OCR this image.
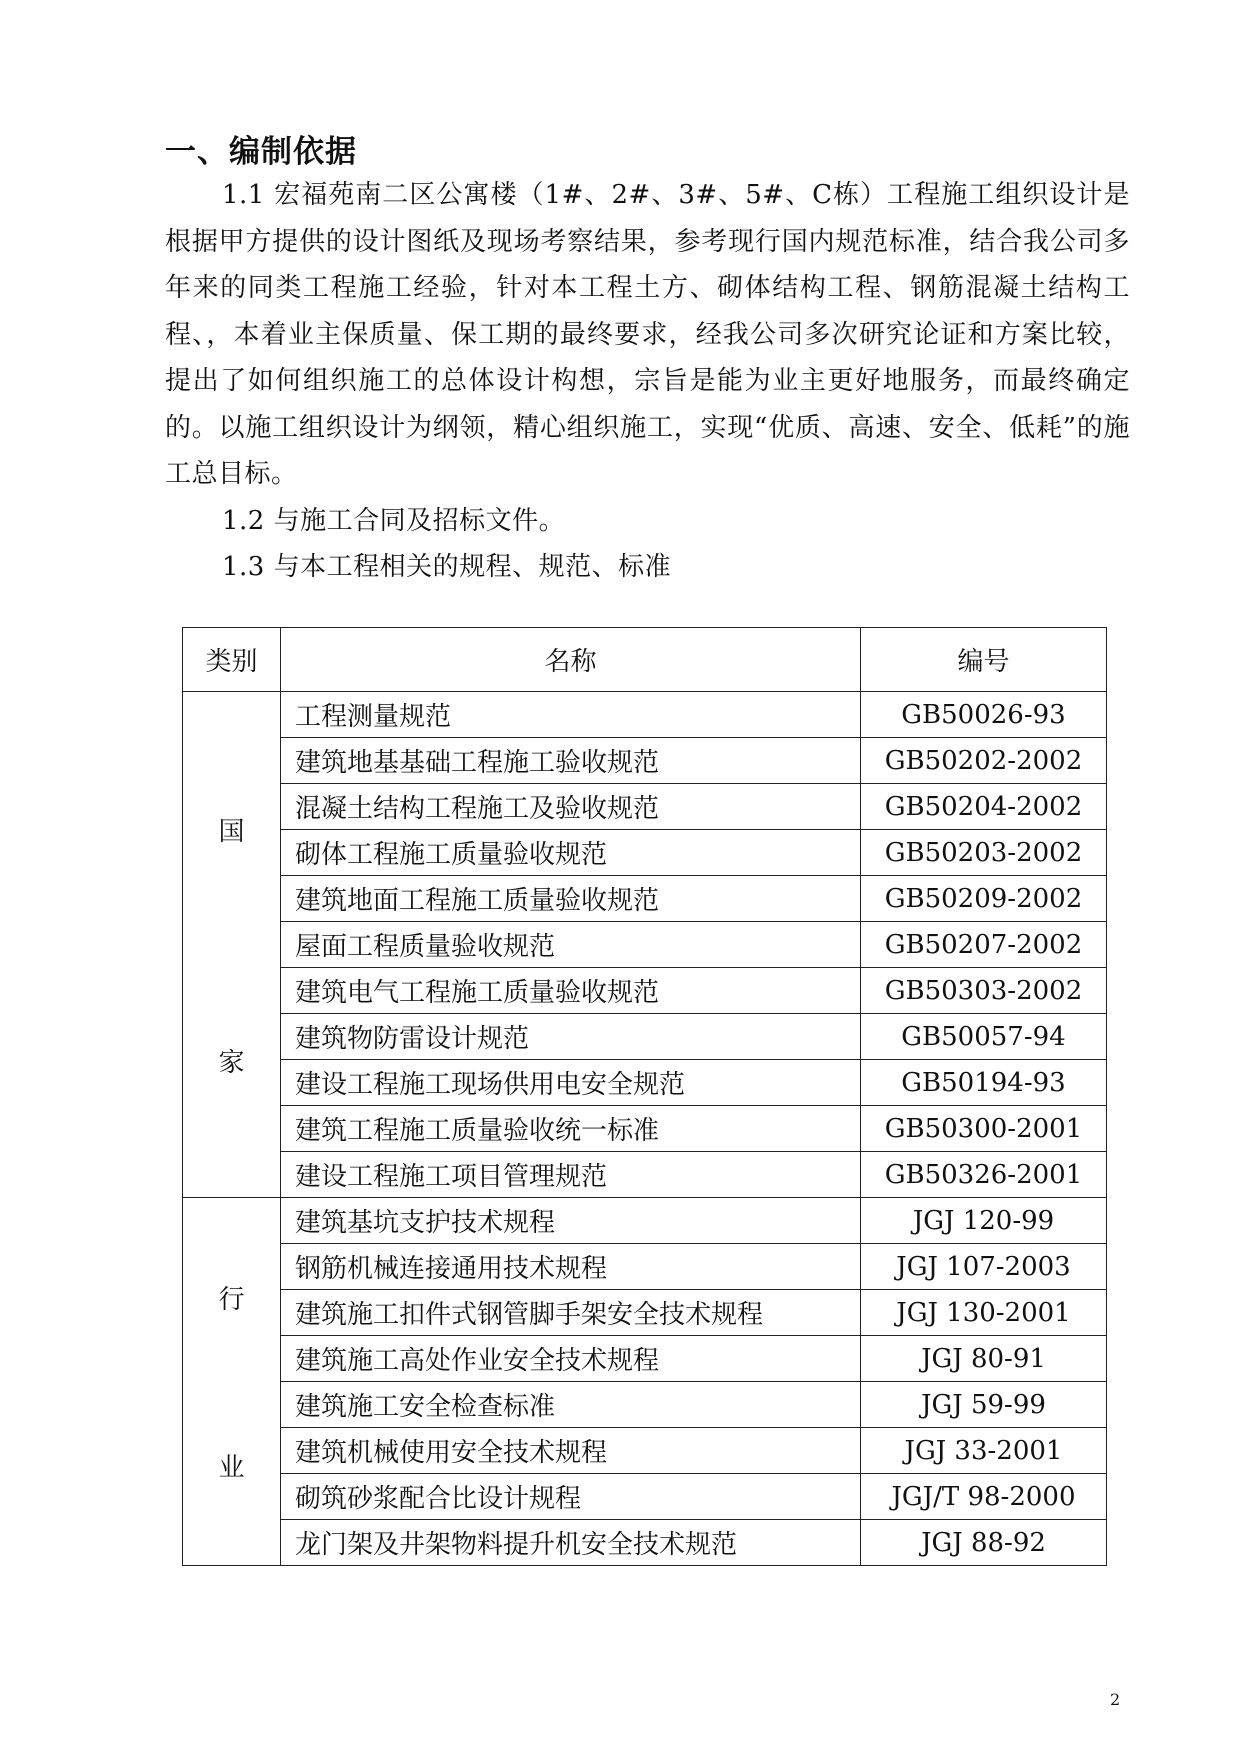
一、编制依据

1.1 宏福苑南二区公寓楼（1#、2#、3#、5#、C栋）工程施工组织设计是根据甲方提供的设计图纸及现场考察结果，参考现行国内规范标准，结合我公司多年来的同类工程施工经验，针对本工程土方、砌体结构工程、钢筋混凝土结构工程、，本着业主保质量、保工期的最终要求，经我公司多次研究论证和方案比较，提出了如何组织施工的总体设计构想，宗旨是能为业主更好地服务，而最终确定的。以施工组织设计为纲领，精心组织施工，实现“优质、高速、安全、低耗”的施工总目标。

1.2 与施工合同及招标文件。

1.3 与本工程相关的规程、规范、标准

类别	名称	编号

国
家	工程测量规范	GB50026-93
	建筑地基基础工程施工验收规范	GB50202-2002
	混凝土结构工程施工及验收规范	GB50204-2002
	砌体工程施工质量验收规范	GB50203-2002
	建筑地面工程施工质量验收规范	GB50209-2002
	屋面工程质量验收规范	GB50207-2002
	建筑电气工程施工质量验收规范	GB50303-2002
	建筑物防雷设计规范	GB50057-94
	建设工程施工现场供用电安全规范	GB50194-93
	建筑工程施工质量验收统一标准	GB50300-2001
	建设工程施工项目管理规范	GB50326-2001

行
业	建筑基坑支护技术规程	JGJ 120-99
	钢筋机械连接通用技术规程	JGJ 107-2003
	建筑施工扣件式钢管脚手架安全技术规程	JGJ 130-2001
	建筑施工高处作业安全技术规程	JGJ 80-91
	建筑施工安全检查标准	JGJ 59-99
	建筑机械使用安全技术规程	JGJ 33-2001
	砌筑砂浆配合比设计规程	JGJ/T 98-2000
	龙门架及井架物料提升机安全技术规范	JGJ 88-92
2
